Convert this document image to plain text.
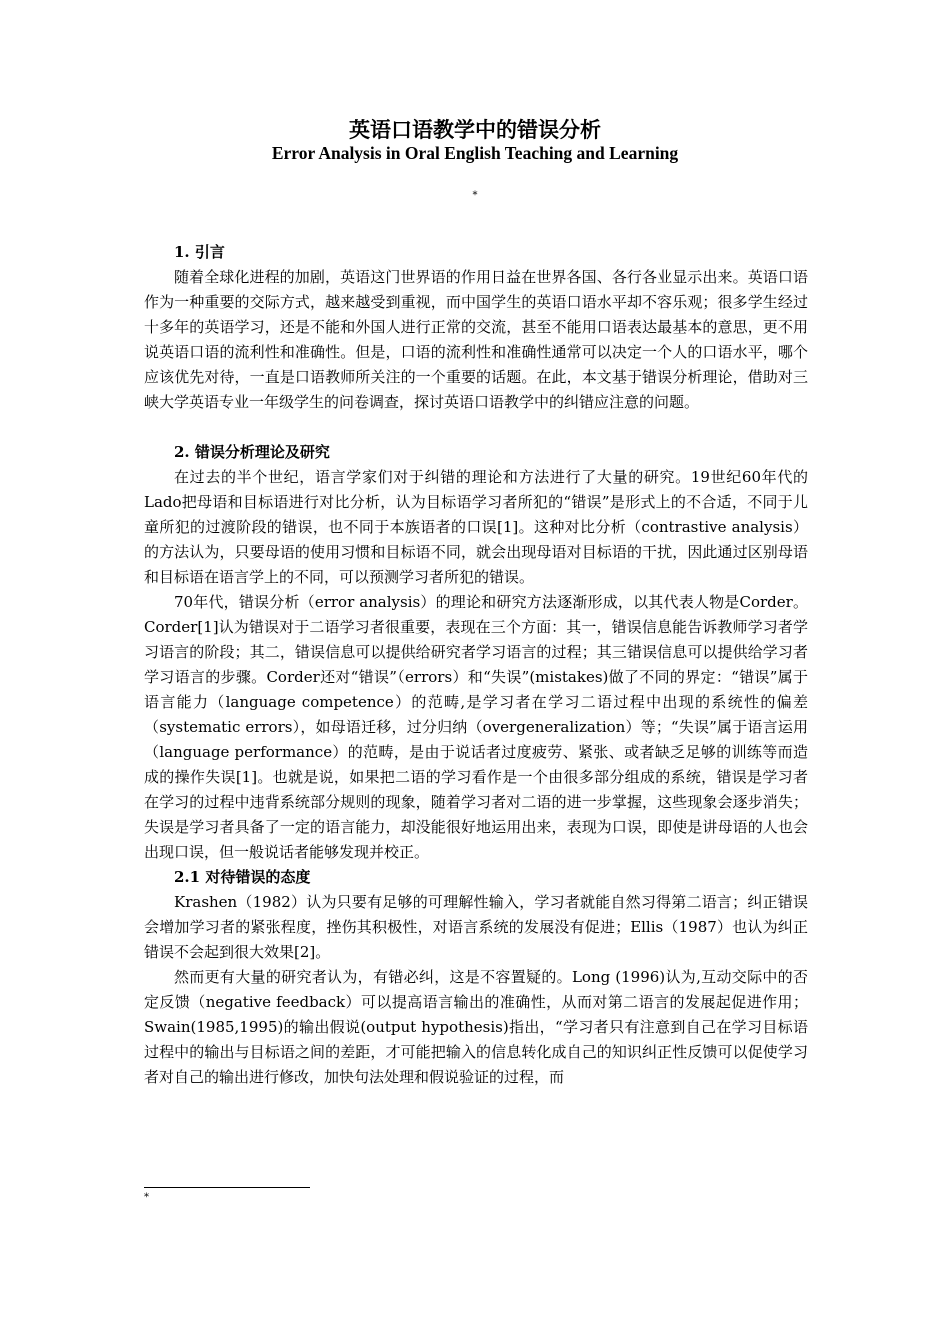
英语口语教学中的错误分析
Error Analysis in Oral English Teaching and Learning
*
1. 引言

随着全球化进程的加剧，英语这门世界语的作用日益在世界各国、各行各业显示出来。英语口语作为一种重要的交际方式，越来越受到重视，而中国学生的英语口语水平却不容乐观；很多学生经过十多年的英语学习，还是不能和外国人进行正常的交流，甚至不能用口语表达最基本的意思，更不用说英语口语的流利性和准确性。但是，口语的流利性和准确性通常可以决定一个人的口语水平，哪个应该优先对待，一直是口语教师所关注的一个重要的话题。在此，本文基于错误分析理论，借助对三峡大学英语专业一年级学生的问卷调查，探讨英语口语教学中的纠错应注意的问题。

2. 错误分析理论及研究

在过去的半个世纪，语言学家们对于纠错的理论和方法进行了大量的研究。19世纪60年代的Lado把母语和目标语进行对比分析，认为目标语学习者所犯的“错误”是形式上的不合适，不同于儿童所犯的过渡阶段的错误，也不同于本族语者的口误[1]。这种对比分析（contrastive analysis）的方法认为，只要母语的使用习惯和目标语不同，就会出现母语对目标语的干扰，因此通过区别母语和目标语在语言学上的不同，可以预测学习者所犯的错误。

70年代，错误分析（error analysis）的理论和研究方法逐渐形成，以其代表人物是Corder。Corder[1]认为错误对于二语学习者很重要，表现在三个方面：其一，错误信息能告诉教师学习者学习语言的阶段；其二，错误信息可以提供给研究者学习语言的过程；其三错误信息可以提供给学习者学习语言的步骤。Corder还对“错误”（errors）和“失误”(mistakes)做了不同的界定：“错误”属于语言能力（language competence）的范畴,是学习者在学习二语过程中出现的系统性的偏差（systematic errors），如母语迁移，过分归纳（overgeneralization）等；“失误”属于语言运用（language performance）的范畴，是由于说话者过度疲劳、紧张、或者缺乏足够的训练等而造成的操作失误[1]。也就是说，如果把二语的学习看作是一个由很多部分组成的系统，错误是学习者在学习的过程中违背系统部分规则的现象，随着学习者对二语的进一步掌握，这些现象会逐步消失；失误是学习者具备了一定的语言能力，却没能很好地运用出来，表现为口误，即使是讲母语的人也会出现口误，但一般说话者能够发现并校正。

2.1 对待错误的态度

Krashen（1982）认为只要有足够的可理解性输入，学习者就能自然习得第二语言；纠正错误会增加学习者的紧张程度，挫伤其积极性，对语言系统的发展没有促进；Ellis（1987）也认为纠正错误不会起到很大效果[2]。

然而更有大量的研究者认为，有错必纠，这是不容置疑的。Long (1996)认为,互动交际中的否定反馈（negative feedback）可以提高语言输出的准确性，从而对第二语言的发展起促进作用；Swain(1985,1995)的输出假说(output hypothesis)指出，“学习者只有注意到自己在学习目标语过程中的输出与目标语之间的差距，才可能把输入的信息转化成自己的知识纠正性反馈可以促使学习者对自己的输出进行修改，加快句法处理和假说验证的过程，而

*
